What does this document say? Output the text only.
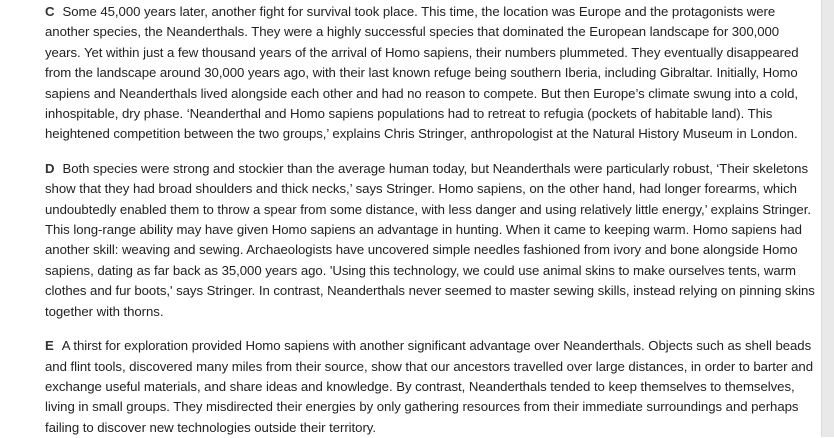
C Some 45,000 years later, another fight for survival took place. This time, the location was Europe and the protagonists were another species, the Neanderthals. They were a highly successful species that dominated the European landscape for 300,000 years. Yet within just a few thousand years of the arrival of Homo sapiens, their numbers plummeted. They eventually disappeared from the landscape around 30,000 years ago, with their last known refuge being southern Iberia, including Gibraltar. Initially, Homo sapiens and Neanderthals lived alongside each other and had no reason to compete. But then Europe’s climate swung into a cold, inhospitable, dry phase. ‘Neanderthal and Homo sapiens populations had to retreat to refugia (pockets of habitable land). This heightened competition between the two groups,’ explains Chris Stringer, anthropologist at the Natural History Museum in London.

D Both species were strong and stockier than the average human today, but Neanderthals were particularly robust, ‘Their skeletons show that they had broad shoulders and thick necks,’ says Stringer. Homo sapiens, on the other hand, had longer forearms, which undoubtedly enabled them to throw a spear from some distance, with less danger and using relatively little energy,’ explains Stringer. This long-range ability may have given Homo sapiens an advantage in hunting. When it came to keeping warm. Homo sapiens had another skill: weaving and sewing. Archaeologists have uncovered simple needles fashioned from ivory and bone alongside Homo sapiens, dating as far back as 35,000 years ago. 'Using this technology, we could use animal skins to make ourselves tents, warm clothes and fur boots,' says Stringer. In contrast, Neanderthals never seemed to master sewing skills, instead relying on pinning skins together with thorns.

E A thirst for exploration provided Homo sapiens with another significant advantage over Neanderthals. Objects such as shell beads and flint tools, discovered many miles from their source, show that our ancestors travelled over large distances, in order to barter and exchange useful materials, and share ideas and knowledge. By contrast, Neanderthals tended to keep themselves to themselves, living in small groups. They misdirected their energies by only gathering resources from their immediate surroundings and perhaps failing to discover new technologies outside their territory.
